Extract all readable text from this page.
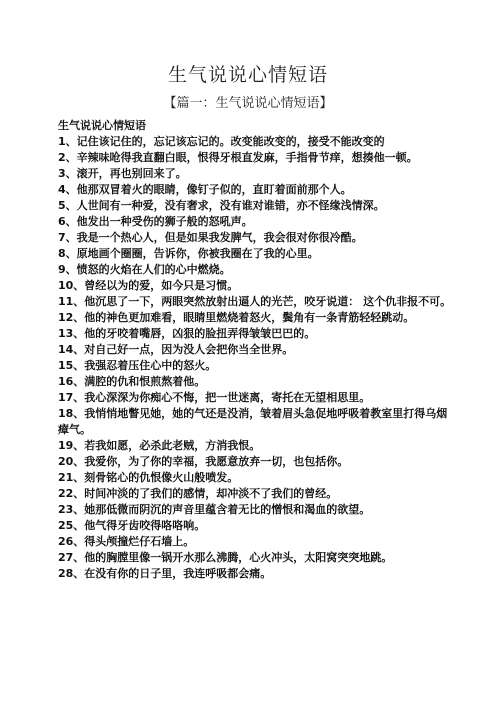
生气说说心情短语
【篇一：生气说说心情短语】
生气说说心情短语
1、记住该记住的，忘记该忘记的。改变能改变的，接受不能改变的
2、辛辣味呛得我直翻白眼，恨得牙根直发麻，手指骨节痒，想揍他一顿。
3、滚开，再也别回来了。
4、他那双冒着火的眼睛，像钉子似的，直盯着面前那个人。
5、人世间有一种爱，没有奢求，没有谁对谁错，亦不怪缘浅情深。
6、他发出一种受伤的狮子般的怒吼声。
7、我是一个热心人，但是如果我发脾气，我会很对你很冷酷。
8、原地画个圈圈，告诉你，你被我圈在了我的心里。
9、愤怒的火焰在人们的心中燃烧。
10、曾经以为的爱，如今只是习惯。
11、他沉思了一下，两眼突然放射出逼人的光芒，咬牙说道： 这个仇非报不可。
12、他的神色更加难看，眼睛里燃烧着怒火，鬓角有一条青筋轻轻跳动。
13、他的牙咬着嘴唇，凶狠的脸扭弄得皱皱巴巴的。
14、对自己好一点，因为没人会把你当全世界。
15、我强忍着压住心中的怒火。
16、满腔的仇和恨煎熬着他。
17、我心深深为你痴心不悔，把一世迷离，寄托在无望相思里。
18、我悄悄地瞥见她，她的气还是没消，皱着眉头急促地呼吸着教室里打得乌烟瘴气。
19、若我如愿，必杀此老贼，方消我恨。
20、我爱你，为了你的幸福，我愿意放弃一切，也包括你。
21、刻骨铭心的仇恨像火山般喷发。
22、时间冲淡的了我们的感情，却冲淡不了我们的曾经。
23、她那低微而阴沉的声音里蕴含着无比的憎恨和渴血的欲望。
25、他气得牙齿咬得咯咯响。
26、得头颅撞烂仔石墙上。
27、他的胸膛里像一锅开水那么沸腾，心火冲头，太阳窝突突地跳。
28、在没有你的日子里，我连呼吸都会痛。
